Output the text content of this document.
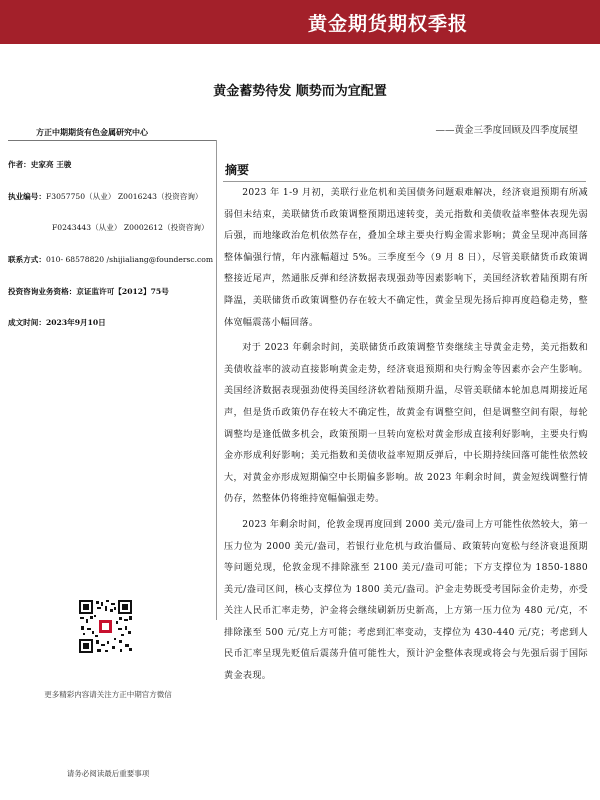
黄金期货期权季报
黄金蓄势待发 顺势而为宜配置
——黄金三季度回顾及四季度展望
方正中期期货有色金属研究中心
作者：史家亮 王骏
执业编号：F3057750（从业） Z0016243（投资咨询）
F0243443（从业） Z0002612（投资咨询）
联系方式：010- 68578820 /shijialiang@foundersc.com
投资咨询业务资格：京证监许可【2012】75号
成文时间：2023年9月10日
更多精彩内容请关注方正中期官方微信
请务必阅读最后重要事项
摘要

2023 年 1-9 月初，美联行业危机和美国债务问题艰难解决，经济衰退预期有所减弱但未结束，美联储货币政策调整预期迅速转变，美元指数和美债收益率整体表现先弱后强，而地缘政治危机依然存在，叠加全球主要央行购金需求影响；黄金呈现冲高回落整体偏强行情，年内涨幅超过 5%。三季度至今（9 月 8 日），尽管美联储货币政策调整接近尾声，然通胀反弹和经济数据表现强劲等因素影响下，美国经济软着陆预期有所降温，美联储货币政策调整仍存在较大不确定性，黄金呈现先扬后抑再度趋稳走势，整体宽幅震荡小幅回落。

对于 2023 年剩余时间，美联储货币政策调整节奏继续主导黄金走势，美元指数和美债收益率的波动直接影响黄金走势，经济衰退预期和央行购金等因素亦会产生影响。美国经济数据表现强劲使得美国经济软着陆预期升温，尽管美联储本轮加息周期接近尾声，但是货币政策仍存在较大不确定性，故黄金有调整空间，但是调整空间有限，每轮调整均是逢低做多机会，政策预期一旦转向宽松对黄金形成直接利好影响，主要央行购金亦形成利好影响；美元指数和美债收益率短期反弹后，中长期持续回落可能性依然较大，对黄金亦形成短期偏空中长期偏多影响。故 2023 年剩余时间，黄金短线调整行情仍存，然整体仍将维持宽幅偏强走势。

2023 年剩余时间，伦敦金现再度回到 2000 美元/盎司上方可能性依然较大，第一压力位为 2000 美元/盎司，若银行业危机与政治僵局、政策转向宽松与经济衰退预期等问题兑现，伦敦金现不排除涨至 2100 美元/盎司可能；下方支撑位为 1850-1880 美元/盎司区间，核心支撑位为 1800 美元/盎司。沪金走势既受考国际金价走势，亦受关注人民币汇率走势，沪金将会继续刷新历史新高，上方第一压力位为 480 元/克，不排除涨至 500 元/克上方可能；考虑到汇率变动，支撑位为 430-440 元/克；考虑到人民币汇率呈现先贬值后震荡升值可能性大，预计沪金整体表现或将会与先强后弱于国际黄金表现。
